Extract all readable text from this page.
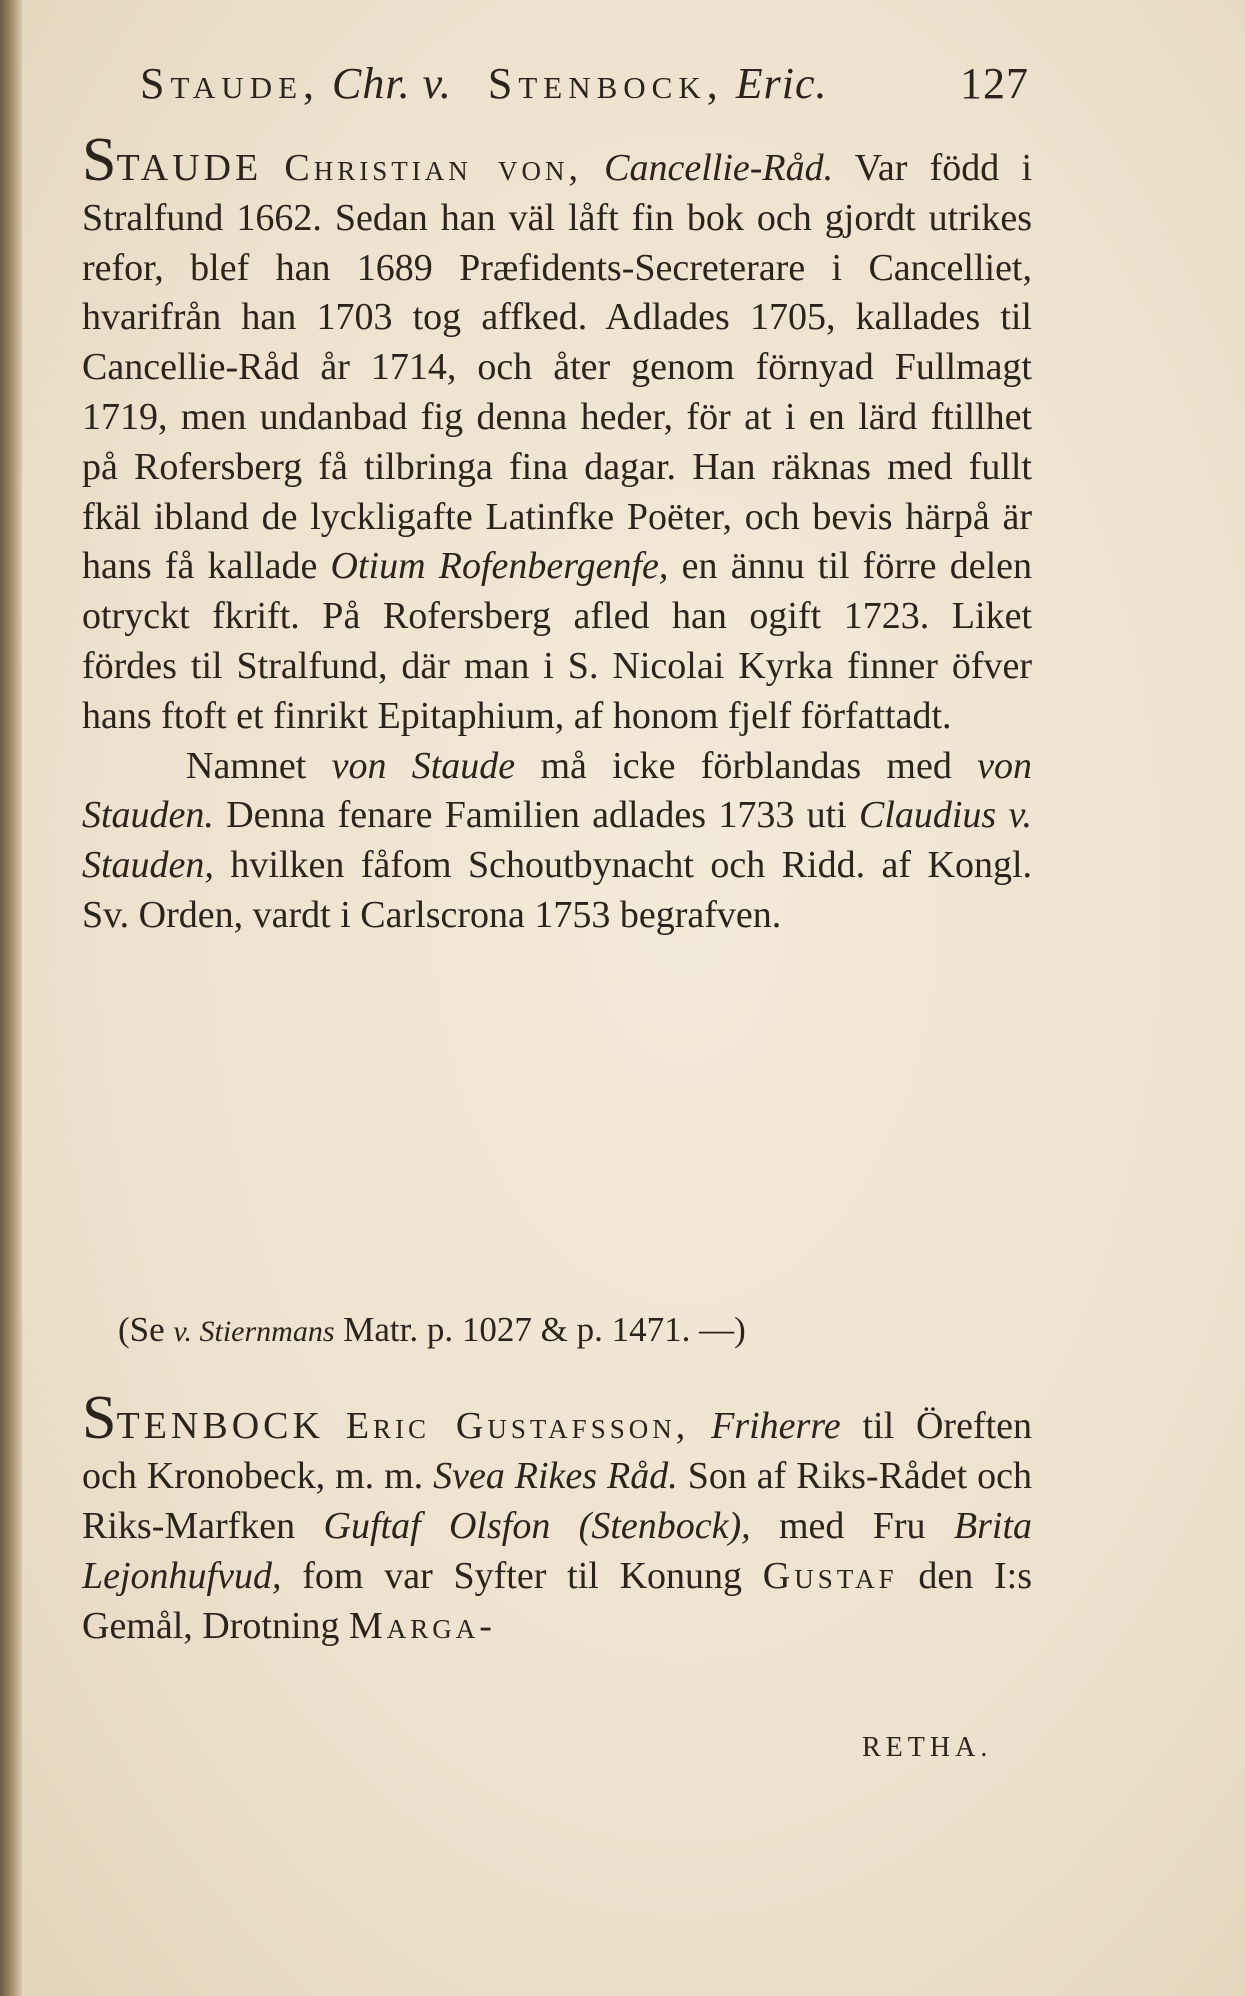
Staude, Chr. v. Stenbock, Eric.	127

STAUDE Christian von, Cancellie-Råd. Var född i Stralfund 1662. Sedan han väl låft fin bok och gjordt utrikes refor, blef han 1689 Præfidents-Secreterare i Cancelliet, hvarifrån han 1703 tog affked. Adlades 1705, kallades til Cancellie-Råd år 1714, och åter genom förnyad Fullmagt 1719, men undanbad fig denna heder, för at i en lärd ftillhet på Rofersberg få tilbringa fina dagar. Han räknas med fullt fkäl ibland de lyckligafte Latinfke Poëter, och bevis härpå är hans få kallade Otium Rofenbergenfe, en ännu til förre delen otryckt fkrift. På Rofersberg afled han ogift 1723. Liket fördes til Stralfund, där man i S. Nicolai Kyrka finner öfver hans ftoft et finrikt Epitaphium, af honom fjelf författadt.

Namnet von Staude må icke förblandas med von Stauden. Denna fenare Familien adlades 1733 uti Claudius v. Stauden, hvilken fåfom Schoutbynacht och Ridd. af Kongl. Sv. Orden, vardt i Carlscrona 1753 begrafven.

(Se v. Stiernmans Matr. p. 1027 & p. 1471. —)

STENBOCK Eric Gustafsson, Friherre til Öreften och Kronobeck, m. m. Svea Rikes Råd. Son af Riks-Rådet och Riks-Marfken Guftaf Olsfon (Stenbock), med Fru Brita Lejonhufvud, fom var Syfter til Konung Gustaf den I:s Gemål, Drotning Marga-

RETHA.
